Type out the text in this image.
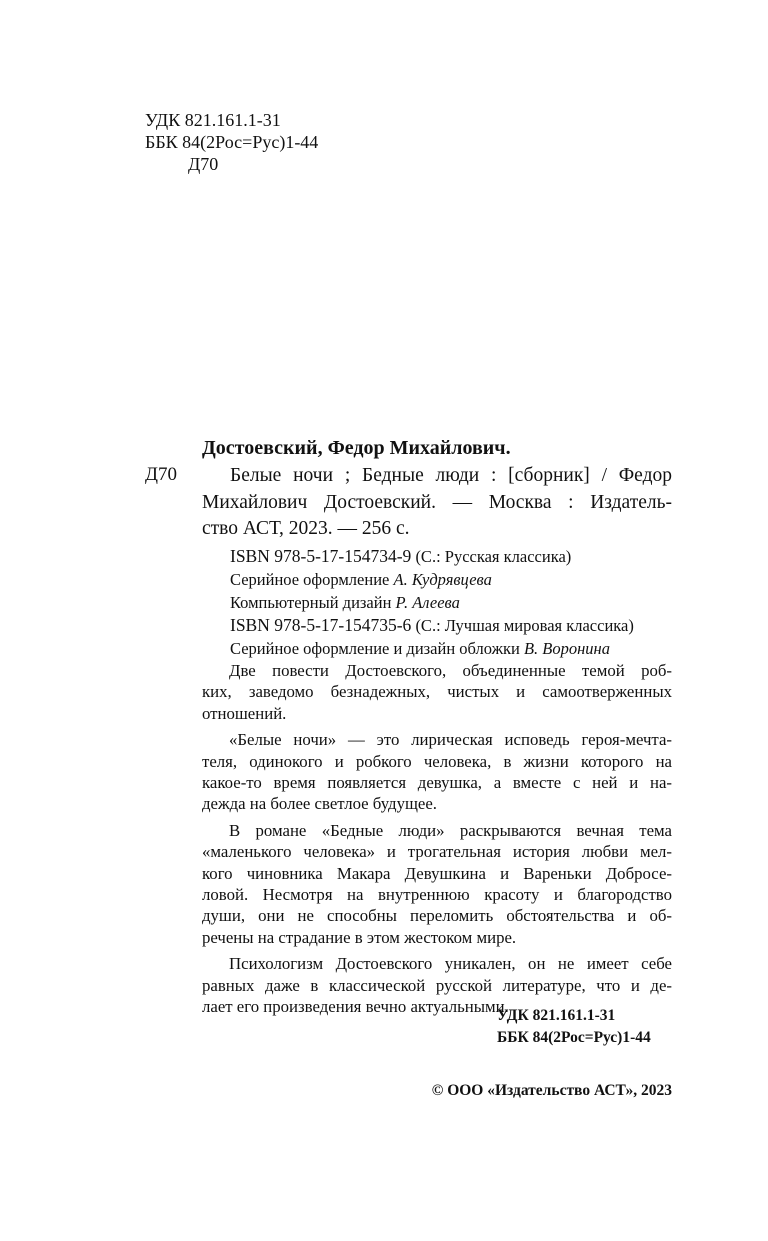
УДК 821.161.1-31
ББК 84(2Рос=Рус)1-44
Д70
Достоевский, Федор Михайлович.
Д70	Белые ночи ; Бедные люди : [сборник] / Федор
Михайлович Достоевский. — Москва : Издатель-
ство АСТ, 2023. — 256 с.
ISBN 978-5-17-154734-9 (С.: Русская классика)
Серийное оформление А. Кудрявцева
Компьютерный дизайн Р. Алеева
ISBN 978-5-17-154735-6 (С.: Лучшая мировая классика)
Серийное оформление и дизайн обложки В. Воронина
Две повести Достоевского, объединенные темой роб-
ких, заведомо безнадежных, чистых и самоотверженных
отношений.
«Белые ночи» — это лирическая исповедь героя-мечта-
теля, одинокого и робкого человека, в жизни которого на
какое-то время появляется девушка, а вместе с ней и на-
дежда на более светлое будущее.
В романе «Бедные люди» раскрываются вечная тема
«маленького человека» и трогательная история любви мел-
кого чиновника Макара Девушкина и Вареньки Добросе-
ловой. Несмотря на внутреннюю красоту и благородство
души, они не способны переломить обстоятельства и об-
речены на страдание в этом жестоком мире.
Психологизм Достоевского уникален, он не имеет себе
равных даже в классической русской литературе, что и де-
лает его произведения вечно актуальными.
УДК 821.161.1-31
ББК 84(2Рос=Рус)1-44
© ООО «Издательство АСТ», 2023
